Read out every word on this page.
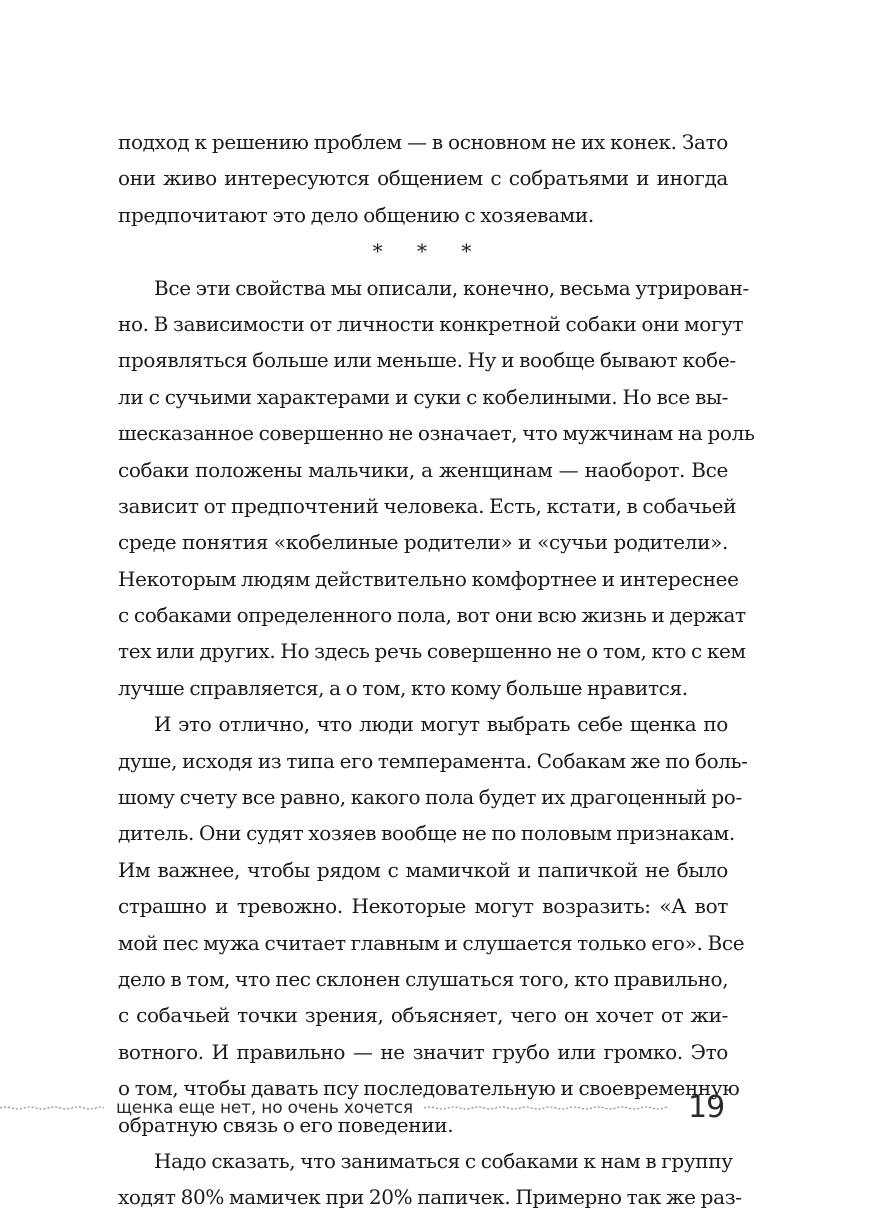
подход к решению проблем — в основном не их конек. Зато
они живо интересуются общением с собратьями и иногда
предпочитают это дело общению с хозяевами.
* * *
Все эти свойства мы описали, конечно, весьма утрирован-
но. В зависимости от личности конкретной собаки они могут
проявляться больше или меньше. Ну и вообще бывают кобе-
ли с сучьими характерами и суки с кобелиными. Но все вы-
шесказанное совершенно не означает, что мужчинам на роль
собаки положены мальчики, а женщинам — наоборот. Все
зависит от предпочтений человека. Есть, кстати, в собачьей
среде понятия «кобелиные родители» и «сучьи родители».
Некоторым людям действительно комфортнее и интереснее
с собаками определенного пола, вот они всю жизнь и держат
тех или других. Но здесь речь совершенно не о том, кто с кем
лучше справляется, а о том, кто кому больше нравится.
И это отлично, что люди могут выбрать себе щенка по
душе, исходя из типа его темперамента. Собакам же по боль-
шому счету все равно, какого пола будет их драгоценный ро-
дитель. Они судят хозяев вообще не по половым признакам.
Им важнее, чтобы рядом с мамичкой и папичкой не было
страшно и тревожно. Некоторые могут возразить: «А вот
мой пес мужа считает главным и слушается только его». Все
дело в том, что пес склонен слушаться того, кто правильно,
с собачьей точки зрения, объясняет, чего он хочет от жи-
вотного. И правильно — не значит грубо или громко. Это
о том, чтобы давать псу последовательную и своевременную
обратную связь о его поведении.
Надо сказать, что заниматься с собаками к нам в группу
ходят 80% мамичек при 20% папичек. Примерно так же раз-
щенка еще нет, но очень хочется	19
